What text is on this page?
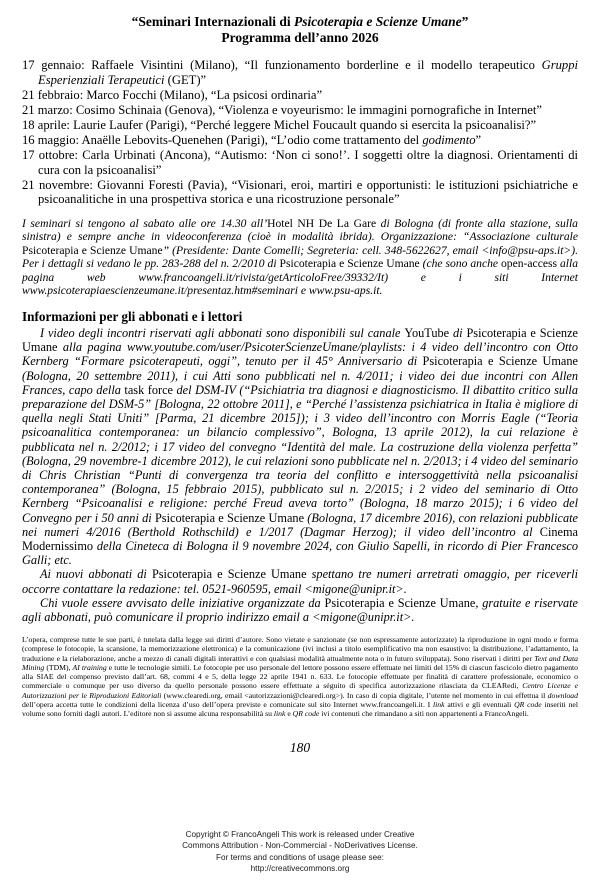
“Seminari Internazionali di Psicoterapia e Scienze Umane”
Programma dell’anno 2026

17 gennaio: Raffaele Visintini (Milano), “Il funzionamento borderline e il modello terapeutico Gruppi Esperienziali Terapeutici (GET)”

21 febbraio: Marco Focchi (Milano), “La psicosi ordinaria”

21 marzo: Cosimo Schinaia (Genova), “Violenza e voyeurismo: le immagini pornografiche in Internet”

18 aprile: Laurie Laufer (Parigi), “Perché leggere Michel Foucault quando si esercita la psicoanalisi?”

16 maggio: Anaëlle Lebovits-Quenehen (Parigi), “L’odio come trattamento del godimento”

17 ottobre: Carla Urbinati (Ancona), “Autismo: ‘Non ci sono!’. I soggetti oltre la diagnosi. Orientamenti di cura con la psicoanalisi”

21 novembre: Giovanni Foresti (Pavia), “Visionari, eroi, martiri e opportunisti: le istituzioni psichiatriche e psicoanalitiche in una prospettiva storica e una ricostruzione personale”

I seminari si tengono al sabato alle ore 14.30 all’Hotel NH De La Gare di Bologna (di fronte alla stazione, sulla sinistra) e sempre anche in videoconferenza (cioè in modalità ibrida). Organizzazione: “Associazione culturale Psicoterapia e Scienze Umane” (Presidente: Dante Comelli; Segreteria: cell. 348-5622627, email <info@psu-aps.it>). Per i dettagli si vedano le pp. 283-288 del n. 2/2010 di Psicoterapia e Scienze Umane (che sono anche open-access alla pagina web www.francoangeli.it/rivista/getArticoloFree/39332/It) e i siti Internet www.psicoterapiaescienzeumane.it/presentaz.htm#seminari e www.psu-aps.it.

Informazioni per gli abbonati e i lettori

I video degli incontri riservati agli abbonati sono disponibili sul canale YouTube di Psicoterapia e Scienze Umane alla pagina www.youtube.com/user/PsicoterScienzeUmane/playlists: i 4 video dell’incontro con Otto Kernberg “Formare psicoterapeuti, oggi”, tenuto per il 45° Anniversario di Psicoterapia e Scienze Umane (Bologna, 20 settembre 2011), i cui Atti sono pubblicati nel n. 4/2011; i video dei due incontri con Allen Frances, capo della task force del DSM-IV (“Psichiatria tra diagnosi e diagnosticismo. Il dibattito critico sulla preparazione del DSM-5” [Bologna, 22 ottobre 2011], e “Perché l’assistenza psichiatrica in Italia è migliore di quella negli Stati Uniti” [Parma, 21 dicembre 2015]); i 3 video dell’incontro con Morris Eagle (“Teoria psicoanalitica contemporanea: un bilancio complessivo”, Bologna, 13 aprile 2012), la cui relazione è pubblicata nel n. 2/2012; i 17 video del convegno “Identità del male. La costruzione della violenza perfetta” (Bologna, 29 novembre-1 dicembre 2012), le cui relazioni sono pubblicate nel n. 2/2013; i 4 video del seminario di Chris Christian “Punti di convergenza tra teoria del conflitto e intersoggettività nella psicoanalisi contemporanea” (Bologna, 15 febbraio 2015), pubblicato sul n. 2/2015; i 2 video del seminario di Otto Kernberg “Psicoanalisi e religione: perché Freud aveva torto” (Bologna, 18 marzo 2015); i 6 video del Convegno per i 50 anni di Psicoterapia e Scienze Umane (Bologna, 17 dicembre 2016), con relazioni pubblicate nei numeri 4/2016 (Berthold Rothschild) e 1/2017 (Dagmar Herzog); il video dell’incontro al Cinema Modernissimo della Cineteca di Bologna il 9 novembre 2024, con Giulio Sapelli, in ricordo di Pier Francesco Galli; etc.

Ai nuovi abbonati di Psicoterapia e Scienze Umane spettano tre numeri arretrati omaggio, per riceverli occorre contattare la redazione: tel. 0521-960595, email <migone@unipr.it>.

Chi vuole essere avvisato delle iniziative organizzate da Psicoterapia e Scienze Umane, gratuite e riservate agli abbonati, può comunicare il proprio indirizzo email a <migone@unipr.it>.

L’opera, comprese tutte le sue parti, è tutelata dalla legge sui diritti d’autore. Sono vietate e sanzionate (se non espressamente autorizzate) la riproduzione in ogni modo e forma (comprese le fotocopie, la scansione, la memorizzazione elettronica) e la comunicazione (ivi inclusi a titolo esemplificativo ma non esaustivo: la distribuzione, l’adattamento, la traduzione e la rielaborazione, anche a mezzo di canali digitali interattivi e con qualsiasi modalità attualmente nota o in futuro sviluppata). Sono riservati i diritti per Text and Data Mining (TDM), AI training e tutte le tecnologie simili. Le fotocopie per uso personale del lettore possono essere effettuate nei limiti del 15% di ciascun fascicolo dietro pagamento alla SIAE del compenso previsto dall’art. 68, commi 4 e 5, della legge 22 aprile 1941 n. 633. Le fotocopie effettuate per finalità di carattere professionale, economico o commerciale o comunque per uso diverso da quello personale possono essere effettuate a séguito di specifica autorizzazione rilasciata da CLEARedi, Centro Licenze e Autorizzazioni per le Riproduzioni Editoriali (www.clearedi.org, email <autorizzazioni@clearedi.org>). In caso di copia digitale, l’utente nel momento in cui effettua il download dell’opera accetta tutte le condizioni della licenza d’uso dell’opera previste e comunicate sul sito Internet www.francoangeli.it. I link attivi e gli eventuali QR code inseriti nel volume sono forniti dagli autori. L’editore non si assume alcuna responsabilità su link e QR code ivi contenuti che rimandano a siti non appartenenti a FrancoAngeli.

180
Copyright © FrancoAngeli This work is released under Creative
Commons Attribution - Non-Commercial - NoDerivatives License.
For terms and conditions of usage please see:
http://creativecommons.org
